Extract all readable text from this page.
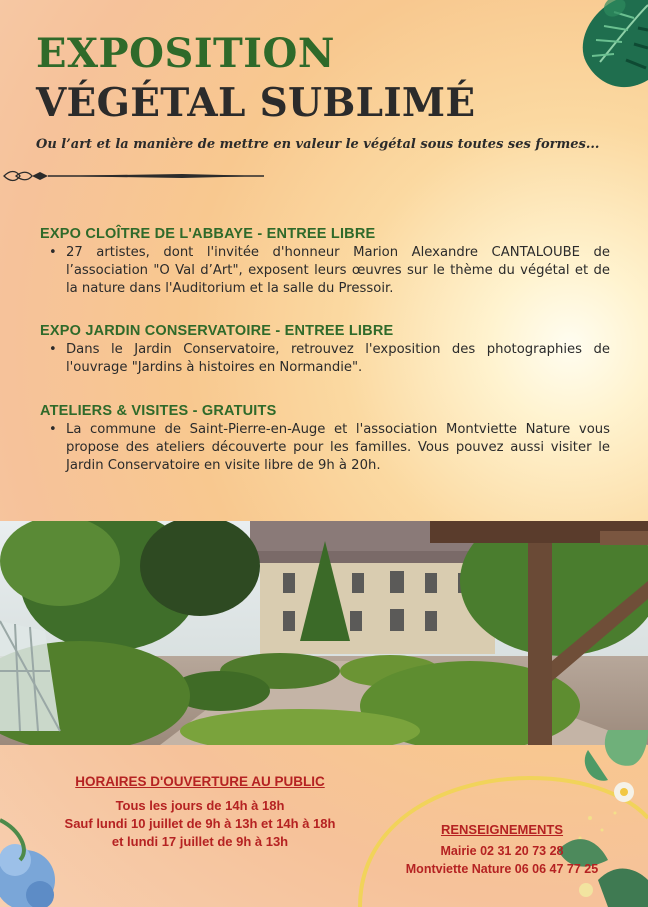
EXPOSITION
VÉGÉTAL SUBLIMÉ

Ou l’art et la manière de mettre en valeur le végétal sous toutes ses formes...

EXPO CLOÎTRE DE L'ABBAYE - ENTREE LIBRE
• 27 artistes, dont l'invitée d'honneur Marion Alexandre CANTALOUBE de l’association "O Val d’Art", exposent leurs œuvres sur le thème du végétal et de la nature dans l'Auditorium et la salle du Pressoir.
EXPO JARDIN CONSERVATOIRE - ENTREE LIBRE
• Dans le Jardin Conservatoire, retrouvez l'exposition des photographies de l'ouvrage "Jardins à histoires en Normandie".
ATELIERS & VISITES - GRATUITS
• La commune de Saint-Pierre-en-Auge et l'association Montviette Nature vous propose des ateliers découverte pour les familles. Vous pouvez aussi visiter le Jardin Conservatoire en visite libre de 9h à 20h.
HORAIRES D'OUVERTURE AU PUBLIC

Tous les jours de 14h à 18h

Sauf lundi 10 juillet de 9h à 13h et 14h à 18h

et lundi 17 juillet de 9h à 13h

RENSEIGNEMENTS

Mairie 02 31 20 73 28

Montviette Nature 06 06 47 77 25
